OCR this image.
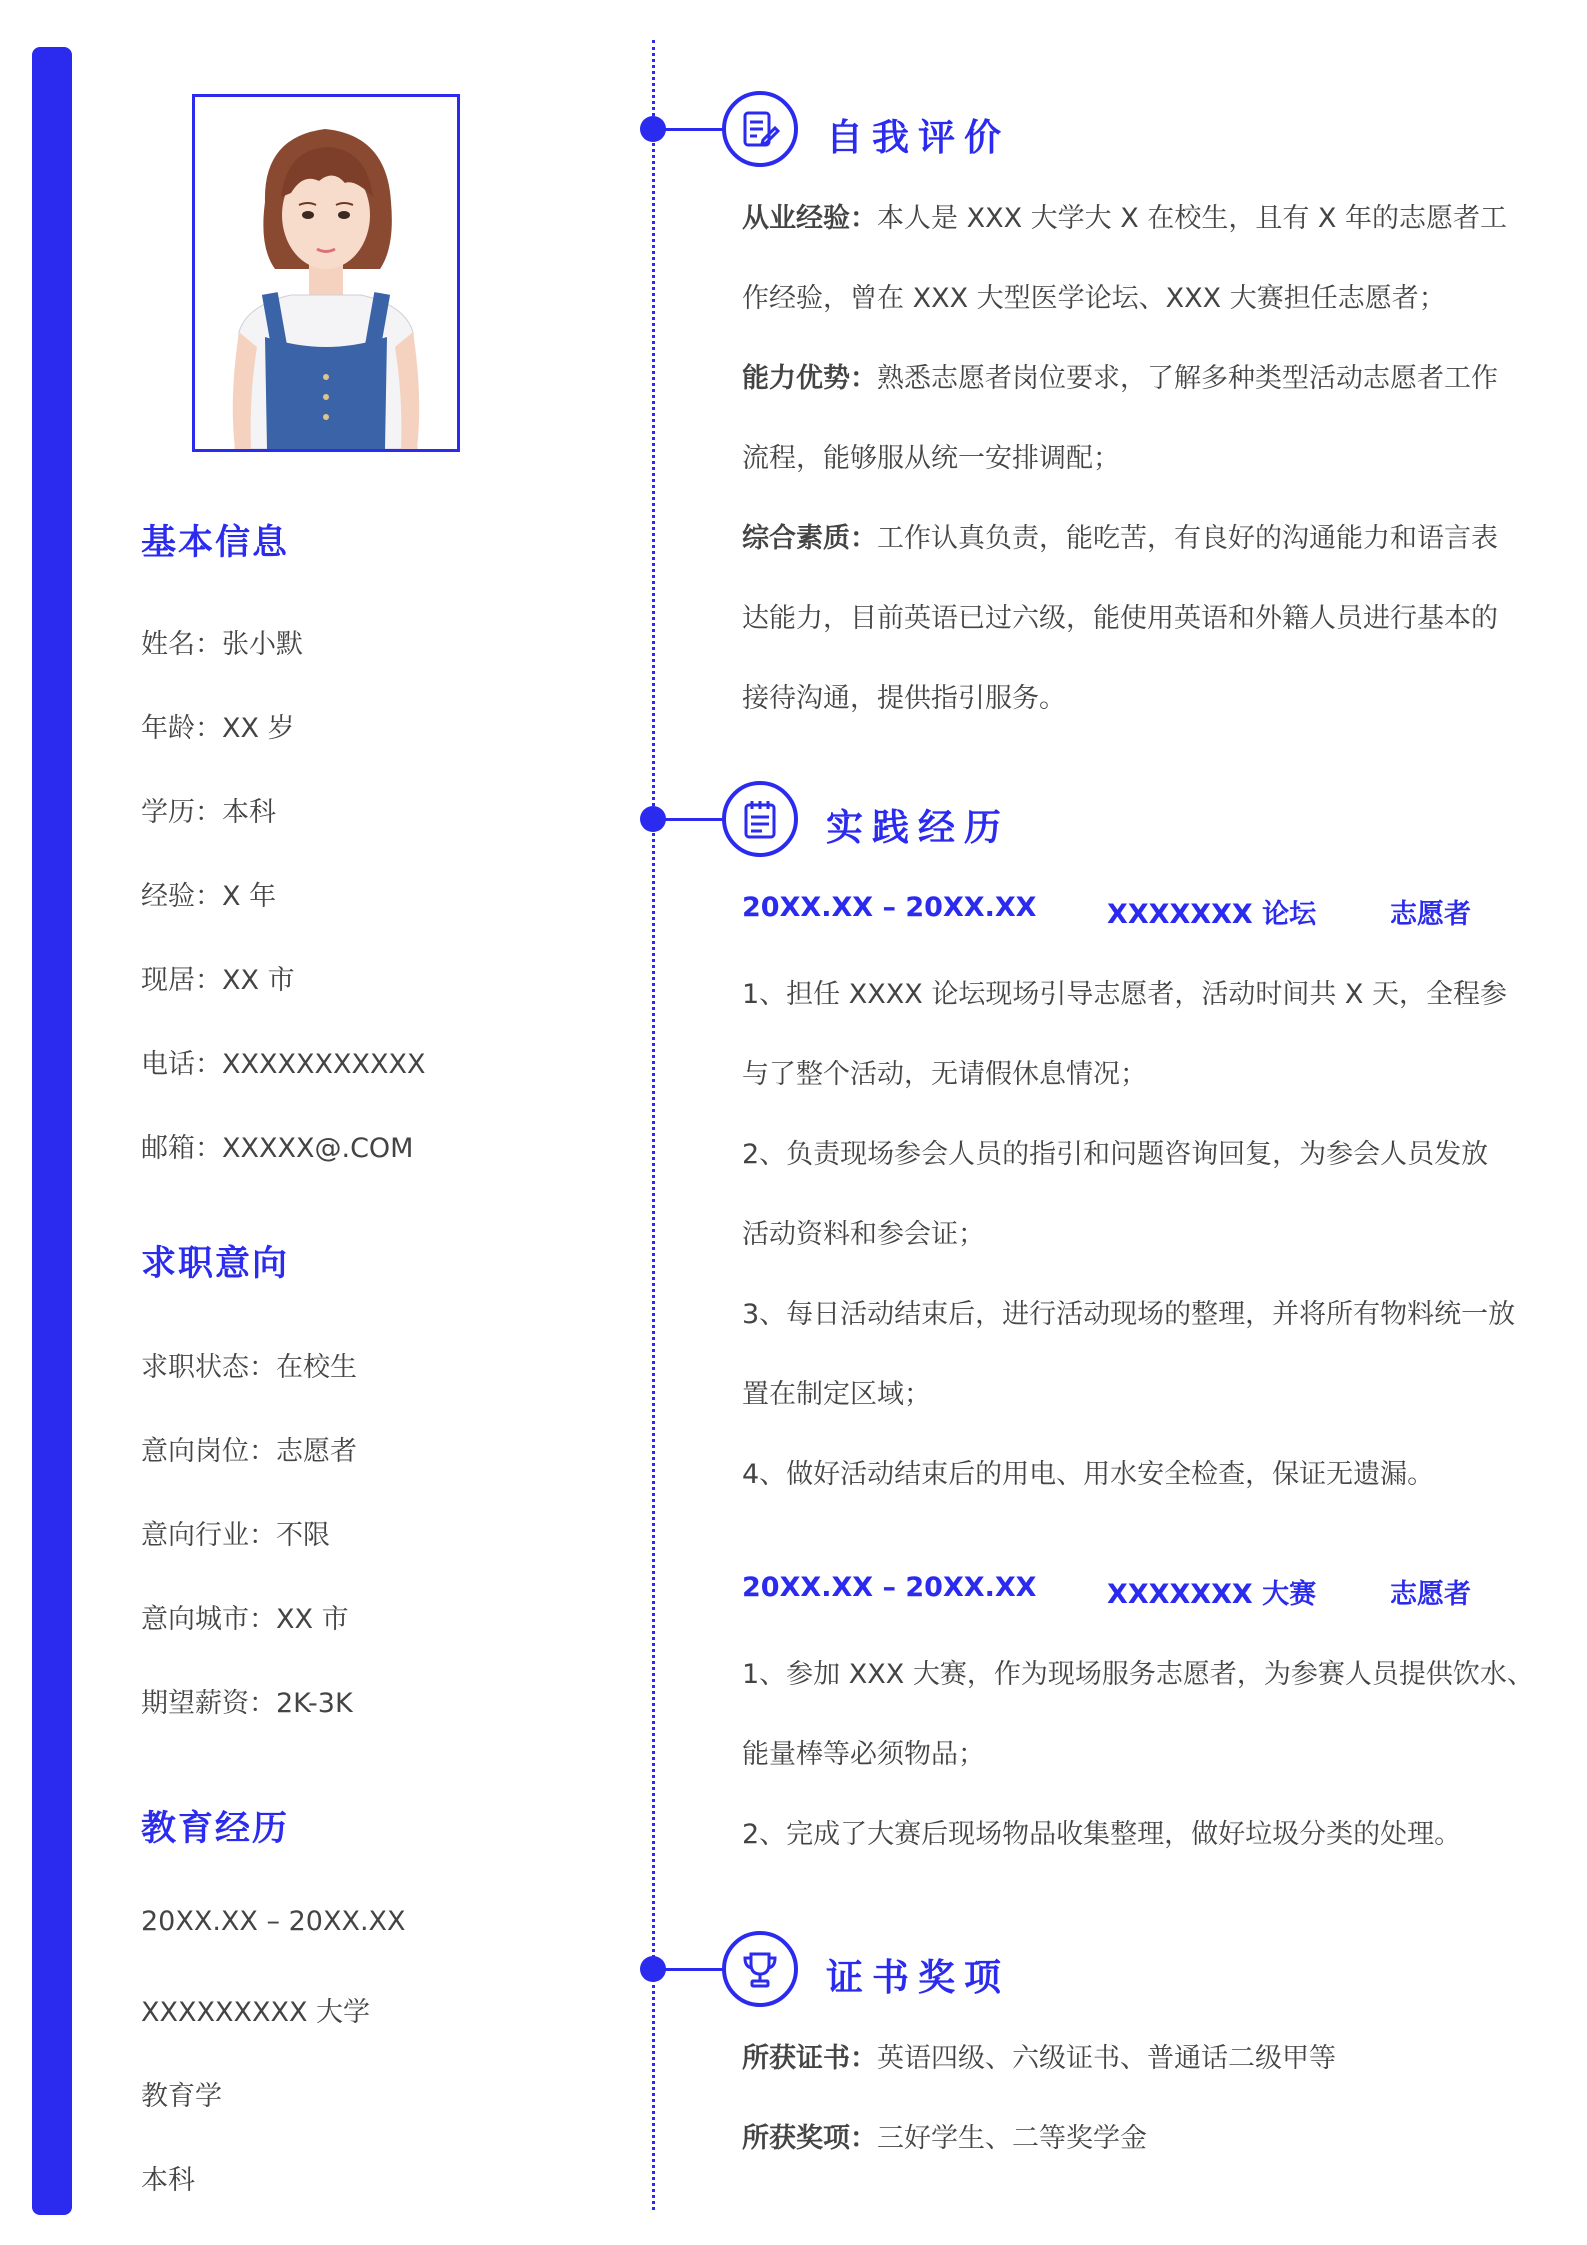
基本信息
姓名：张小默
年龄：XX 岁
学历：本科
经验：X 年
现居：XX 市
电话：XXXXXXXXXXX
邮箱：XXXXX@.COM
求职意向
求职状态：在校生
意向岗位：志愿者
意向行业：不限
意向城市：XX 市
期望薪资：2K-3K
教育经历
20XX.XX – 20XX.XX
XXXXXXXXX 大学
教育学
本科
自我评价
从业经验：本人是 XXX 大学大 X 在校生，且有 X 年的志愿者工
作经验，曾在 XXX 大型医学论坛、XXX 大赛担任志愿者；
能力优势：熟悉志愿者岗位要求，了解多种类型活动志愿者工作
流程，能够服从统一安排调配；
综合素质：工作认真负责，能吃苦，有良好的沟通能力和语言表
达能力，目前英语已过六级，能使用英语和外籍人员进行基本的
接待沟通，提供指引服务。
实践经历
20XX.XX – 20XX.XX	XXXXXXX 论坛	志愿者
1、担任 XXXX 论坛现场引导志愿者，活动时间共 X 天，全程参
与了整个活动，无请假休息情况；
2、负责现场参会人员的指引和问题咨询回复，为参会人员发放
活动资料和参会证；
3、每日活动结束后，进行活动现场的整理，并将所有物料统一放
置在制定区域；
4、做好活动结束后的用电、用水安全检查，保证无遗漏。
20XX.XX – 20XX.XX	XXXXXXX 大赛	志愿者
1、参加 XXX 大赛，作为现场服务志愿者，为参赛人员提供饮水、
能量棒等必须物品；
2、完成了大赛后现场物品收集整理，做好垃圾分类的处理。
证书奖项
所获证书：英语四级、六级证书、普通话二级甲等
所获奖项：三好学生、二等奖学金
